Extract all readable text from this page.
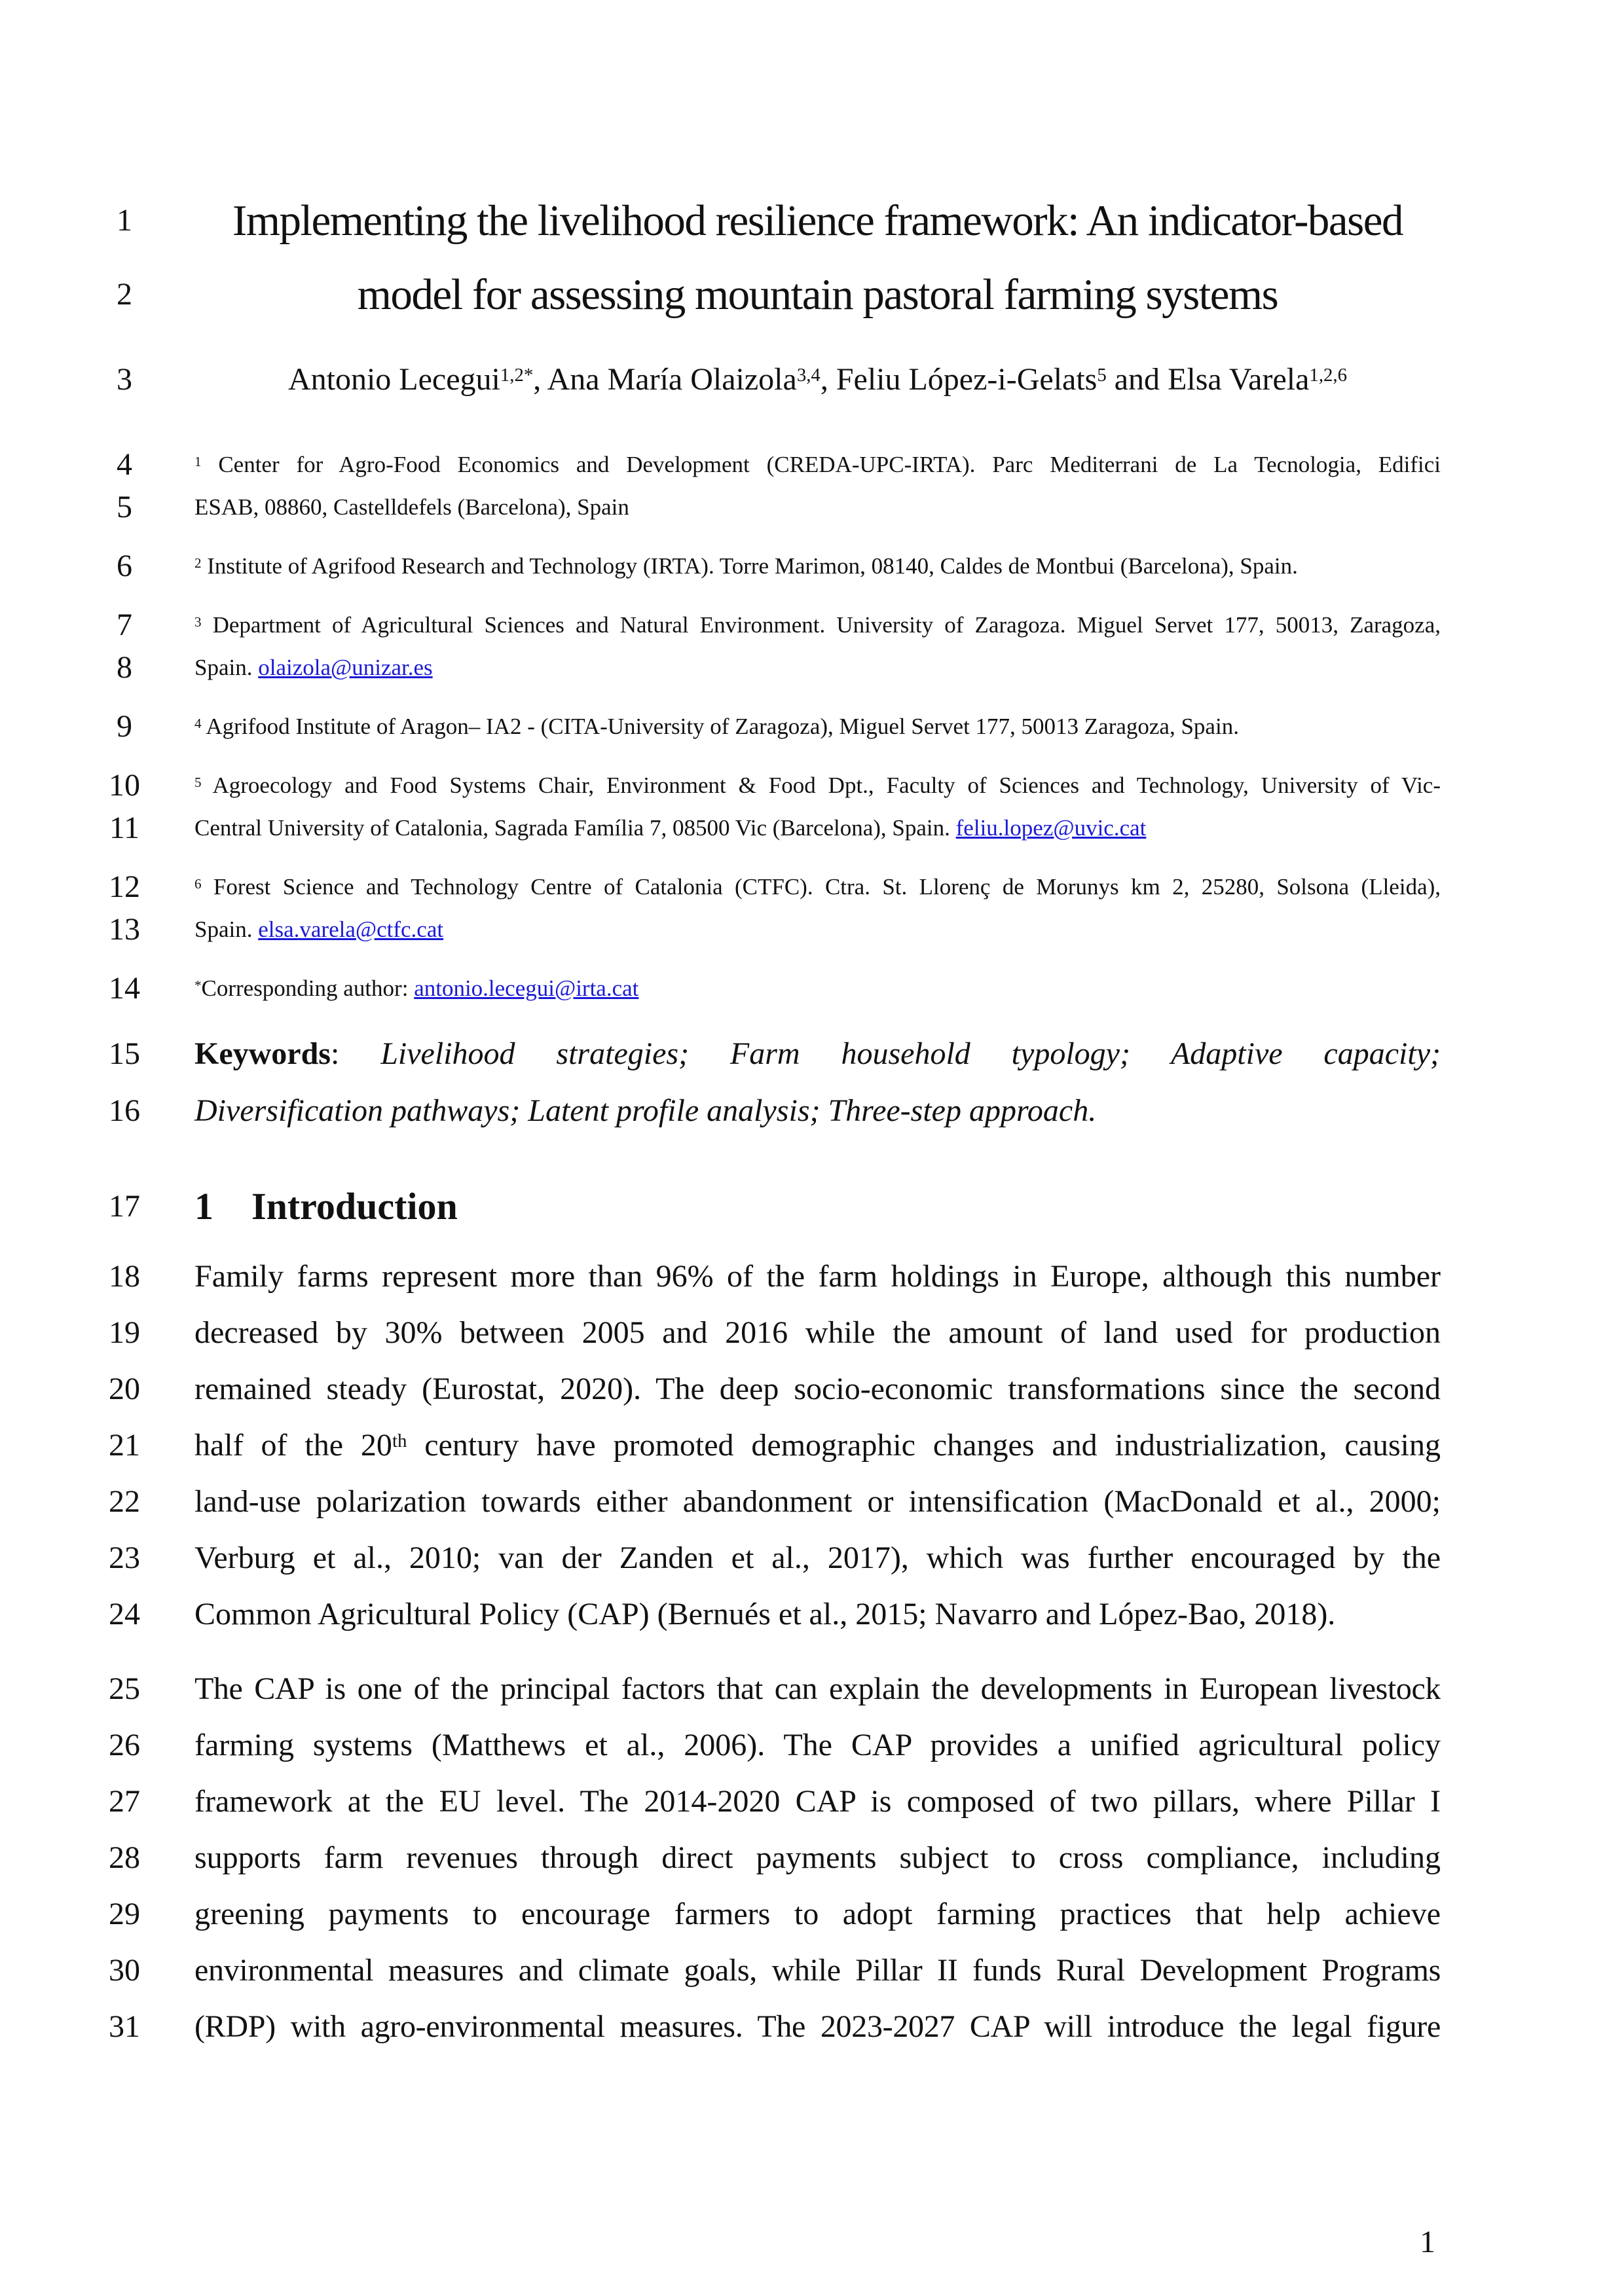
1	Implementing the livelihood resilience framework: An indicator-based
2	model for assessing mountain pastoral farming systems
3	Antonio Lecegui$^{1,2*}$, Ana María Olaizola$^{3,4}$, Feliu López-i-Gelats$^5$ and Elsa Varela$^{1,2,6}$
4	$^1$ Center for Agro-Food Economics and Development (CREDA-UPC-IRTA). Parc Mediterrani de La Tecnologia, Edifici
5	ESAB, 08860, Castelldefels (Barcelona), Spain
6	$^2$ Institute of Agrifood Research and Technology (IRTA). Torre Marimon, 08140, Caldes de Montbui (Barcelona), Spain.
7	$^3$ Department of Agricultural Sciences and Natural Environment. University of Zaragoza. Miguel Servet 177, 50013, Zaragoza,
8	Spain. olaizola@unizar.es
9	$^4$ Agrifood Institute of Aragon– IA2 - (CITA-University of Zaragoza), Miguel Servet 177, 50013 Zaragoza, Spain.
10	$^5$ Agroecology and Food Systems Chair, Environment & Food Dpt., Faculty of Sciences and Technology, University of Vic-
11	Central University of Catalonia, Sagrada Família 7, 08500 Vic (Barcelona), Spain. feliu.lopez@uvic.cat
12	$^6$ Forest Science and Technology Centre of Catalonia (CTFC). Ctra. St. Llorenç de Morunys km 2, 25280, Solsona (Lleida),
13	Spain. elsa.varela@ctfc.cat
14	*Corresponding author: antonio.lecegui@irta.cat
15	Keywords: Livelihood strategies; Farm household typology; Adaptive capacity;
16	Diversification pathways; Latent profile analysis; Three-step approach.
17 1 Introduction
18	Family farms represent more than 96% of the farm holdings in Europe, although this number
19	decreased by 30% between 2005 and 2016 while the amount of land used for production
20	remained steady (Eurostat, 2020). The deep socio-economic transformations since the second
21	half of the 20th century have promoted demographic changes and industrialization, causing
22	land-use polarization towards either abandonment or intensification (MacDonald et al., 2000;
23	Verburg et al., 2010; van der Zanden et al., 2017), which was further encouraged by the
24	Common Agricultural Policy (CAP) (Bernués et al., 2015; Navarro and López-Bao, 2018).
25	The CAP is one of the principal factors that can explain the developments in European livestock
26	farming systems (Matthews et al., 2006). The CAP provides a unified agricultural policy
27	framework at the EU level. The 2014-2020 CAP is composed of two pillars, where Pillar I
28	supports farm revenues through direct payments subject to cross compliance, including
29	greening payments to encourage farmers to adopt farming practices that help achieve
30	environmental measures and climate goals, while Pillar II funds Rural Development Programs
31	(RDP) with agro-environmental measures. The 2023-2027 CAP will introduce the legal figure
1
